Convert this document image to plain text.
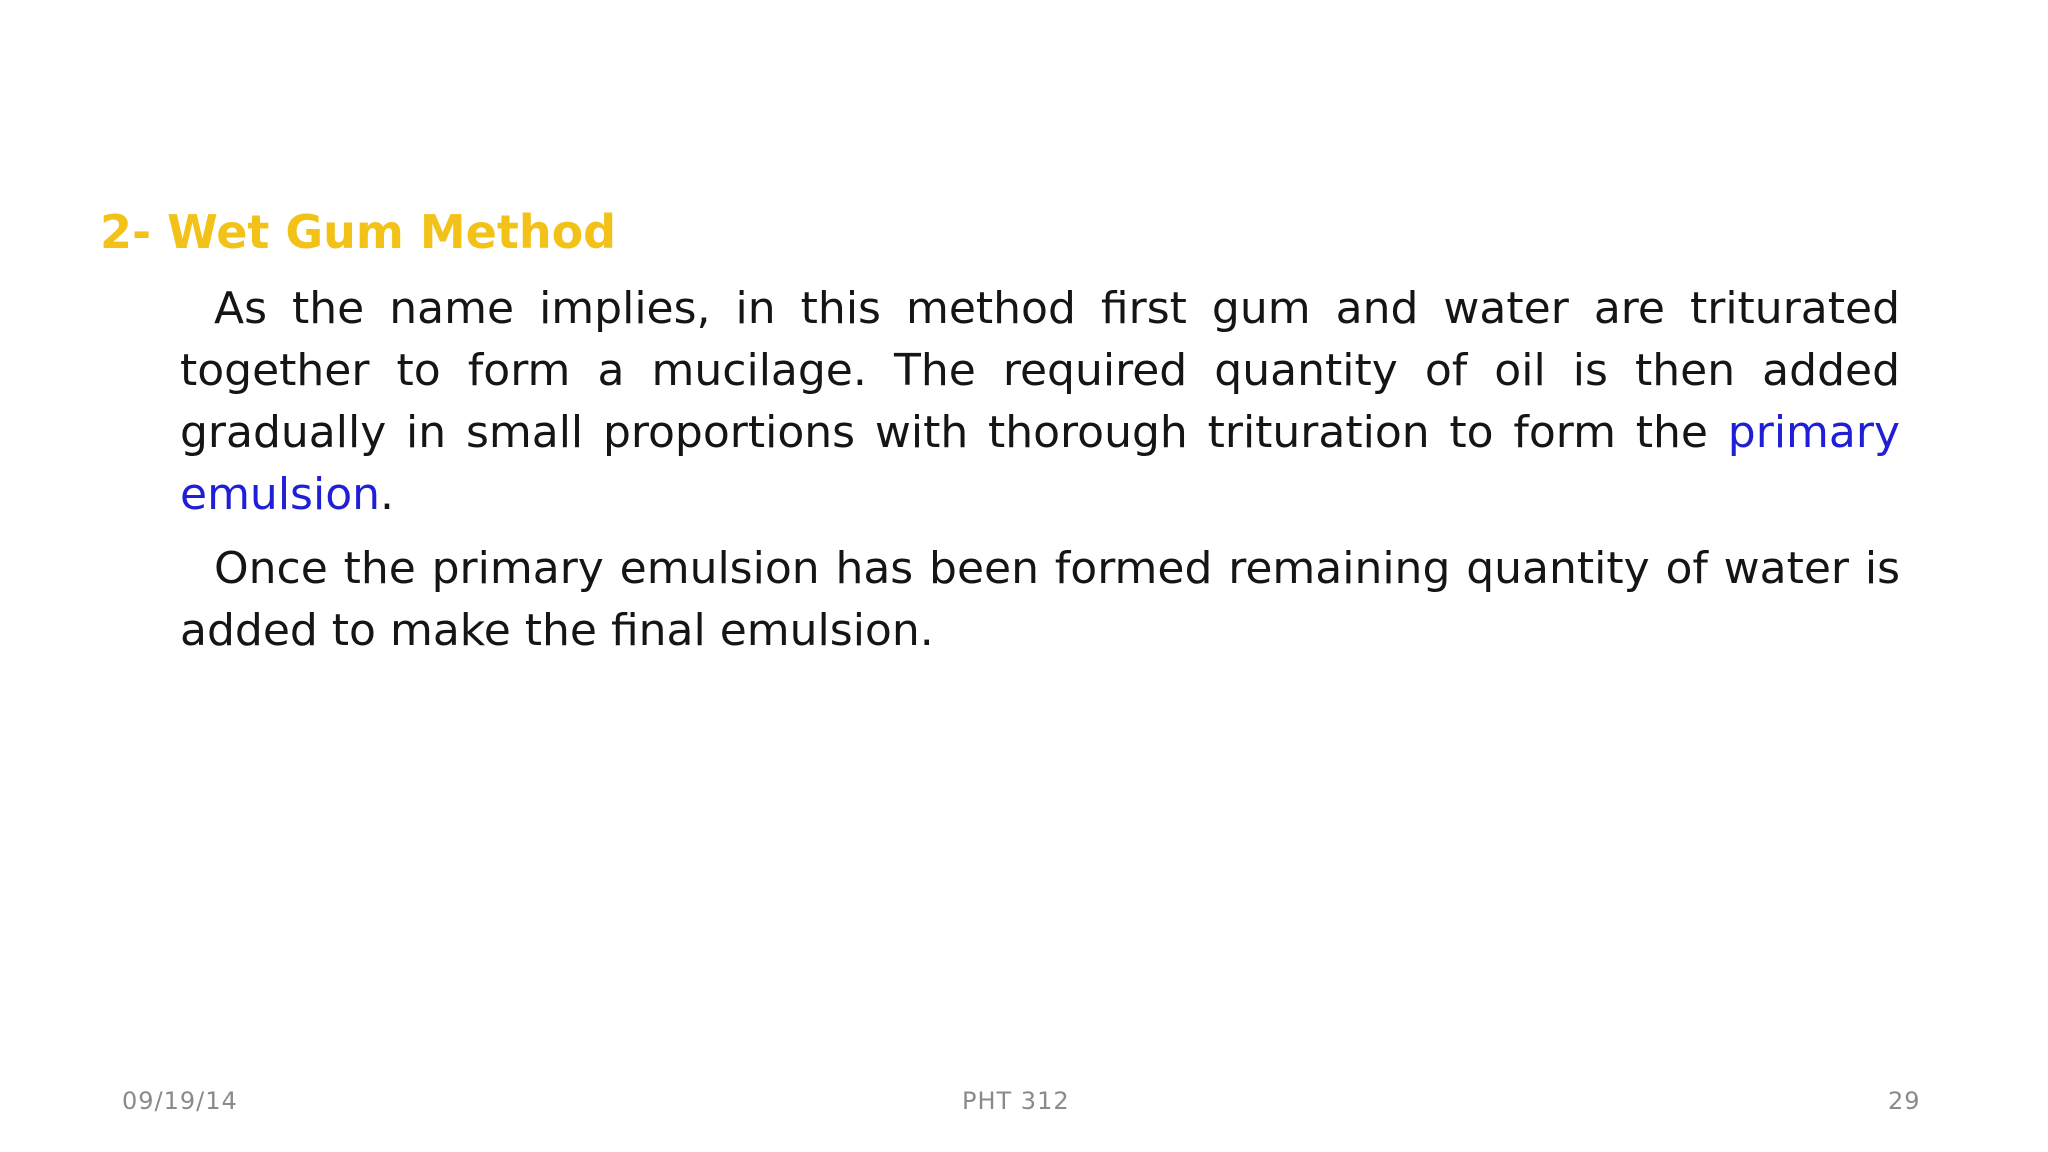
2- Wet Gum Method

As the name implies, in this method first gum and water are triturated together to form a mucilage. The required quantity of oil is then added gradually in small proportions with thorough trituration to form the primary emulsion.

Once the primary emulsion has been formed remaining quantity of water is added to make the final emulsion.

09/19/14	PHT 312	29
